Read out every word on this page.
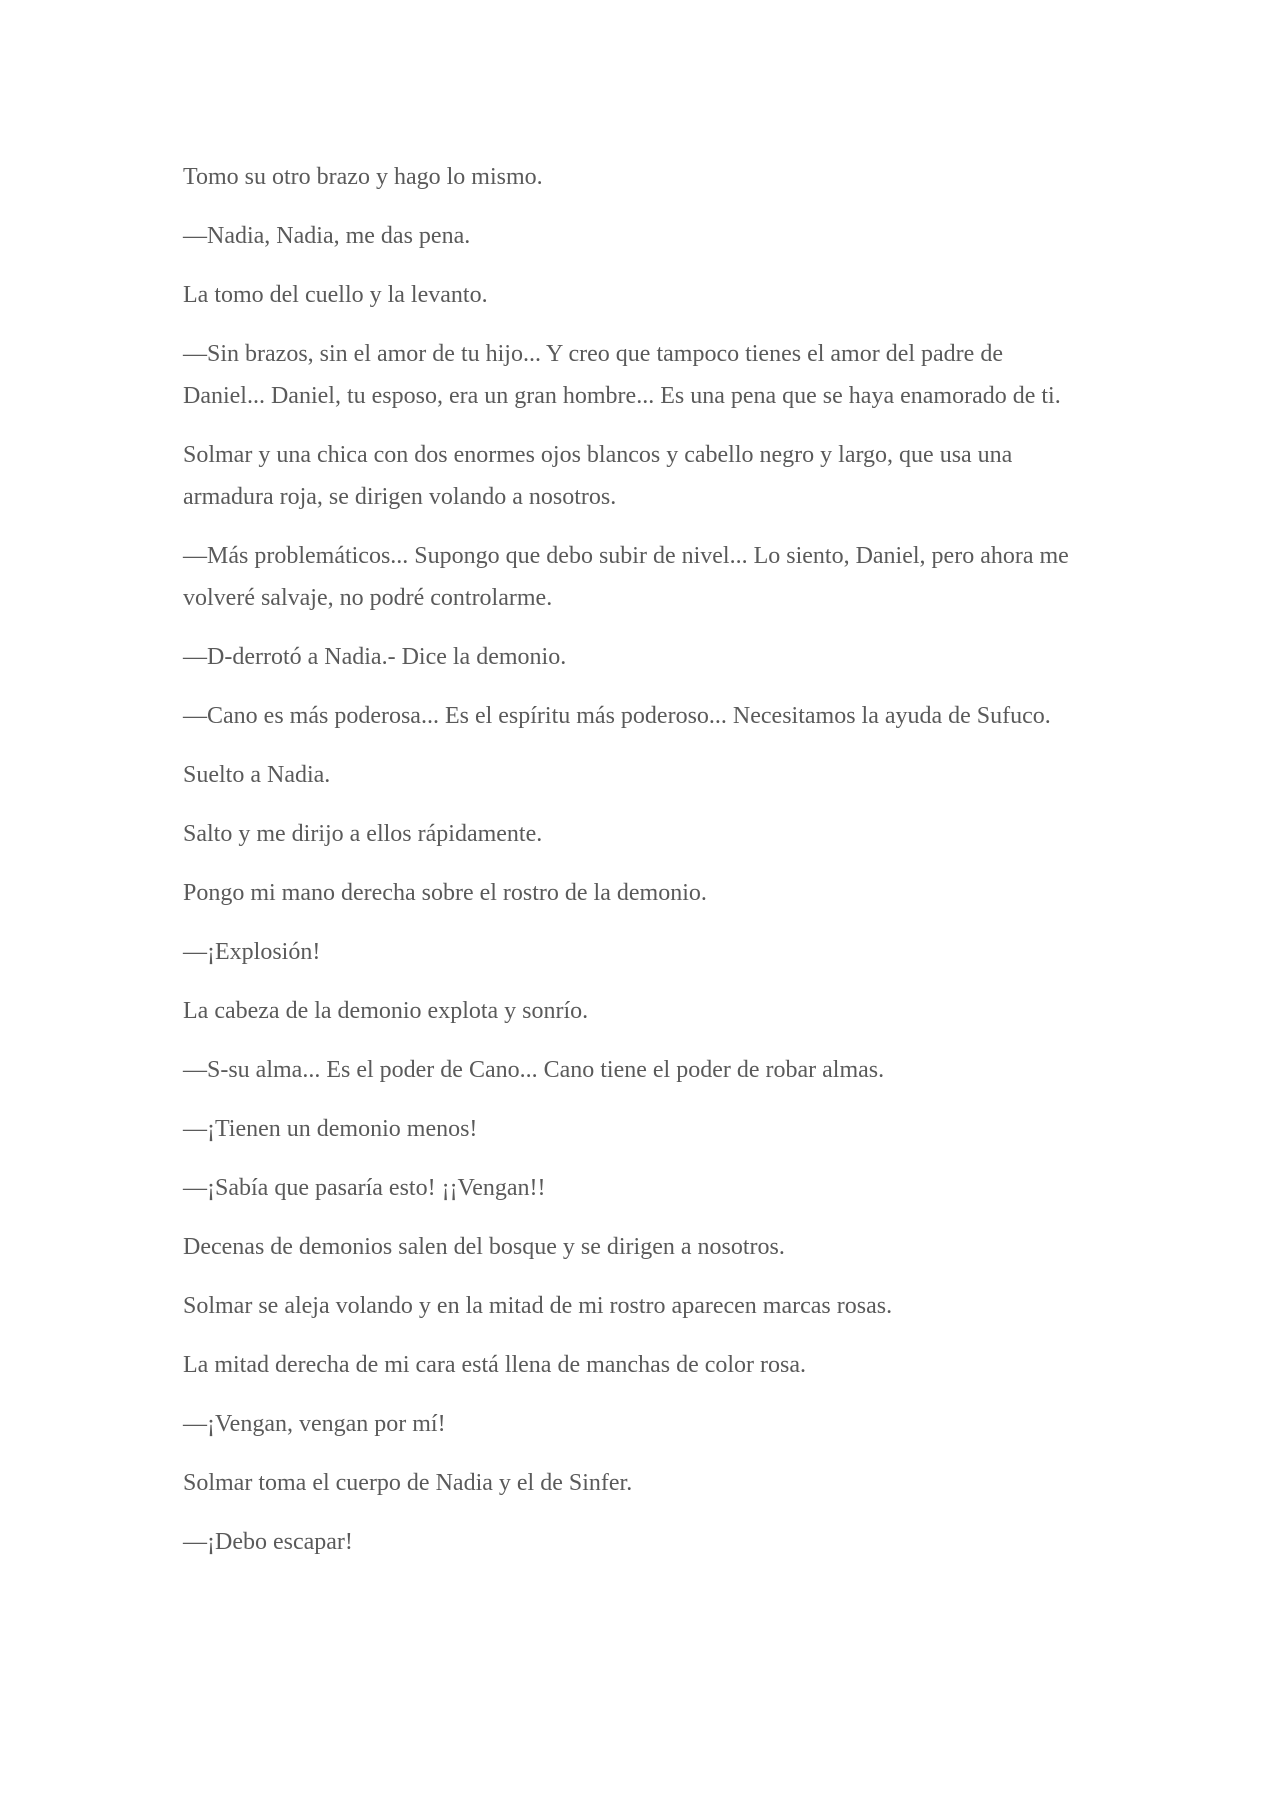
Tomo su otro brazo y hago lo mismo.

—Nadia, Nadia, me das pena.

La tomo del cuello y la levanto.

—Sin brazos, sin el amor de tu hijo... Y creo que tampoco tienes el amor del padre de Daniel... Daniel, tu esposo, era un gran hombre... Es una pena que se haya enamorado de ti.

Solmar y una chica con dos enormes ojos blancos y cabello negro y largo, que usa una armadura roja, se dirigen volando a nosotros.

—Más problemáticos... Supongo que debo subir de nivel... Lo siento, Daniel, pero ahora me volveré salvaje, no podré controlarme.

—D-derrotó a Nadia.- Dice la demonio.

—Cano es más poderosa... Es el espíritu más poderoso... Necesitamos la ayuda de Sufuco.

Suelto a Nadia.

Salto y me dirijo a ellos rápidamente.

Pongo mi mano derecha sobre el rostro de la demonio.

—¡Explosión!

La cabeza de la demonio explota y sonrío.

—S-su alma... Es el poder de Cano... Cano tiene el poder de robar almas.

—¡Tienen un demonio menos!

—¡Sabía que pasaría esto! ¡¡Vengan!!

Decenas de demonios salen del bosque y se dirigen a nosotros.

Solmar se aleja volando y en la mitad de mi rostro aparecen marcas rosas.

La mitad derecha de mi cara está llena de manchas de color rosa.

—¡Vengan, vengan por mí!

Solmar toma el cuerpo de Nadia y el de Sinfer.

—¡Debo escapar!
